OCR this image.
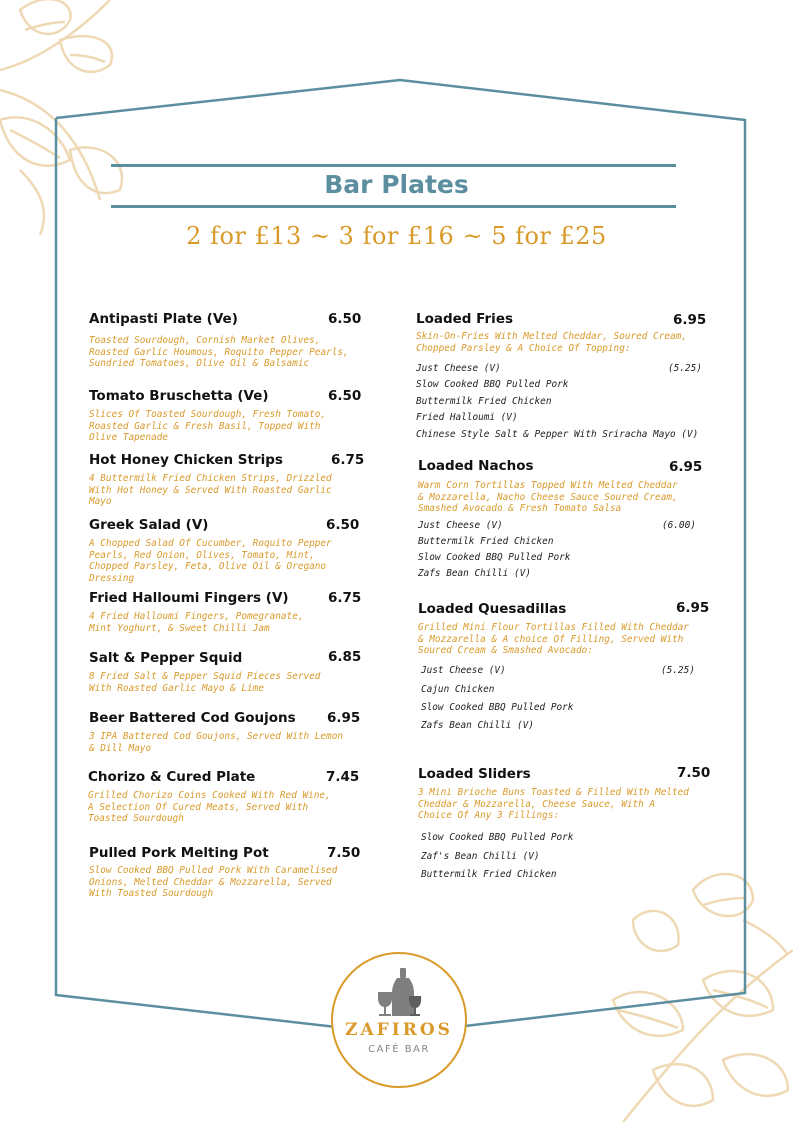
Bar Plates
2 for £13 ~ 3 for £16 ~ 5 for £25
Antipasti Plate (Ve)	6.50
Toasted Sourdough, Cornish Market Olives, Roasted Garlic Houmous, Roquito Pepper Pearls, Sundried Tomatoes, Olive Oil & Balsamic
Tomato Bruschetta (Ve)	6.50
Slices Of Toasted Sourdough, Fresh Tomato, Roasted Garlic & Fresh Basil, Topped With Olive Tapenade
Hot Honey Chicken Strips	6.75
4 Buttermilk Fried Chicken Strips, Drizzled With Hot Honey & Served With Roasted Garlic Mayo
Greek Salad (V)	6.50
A Chopped Salad Of Cucumber, Roquito Pepper Pearls, Red Onion, Olives, Tomato, Mint, Chopped Parsley, Feta, Olive Oil & Oregano Dressing
Fried Halloumi Fingers (V)	6.75
4 Fried Halloumi Fingers, Pomegranate, Mint Yoghurt, & Sweet Chilli Jam
Salt & Pepper Squid	6.85
8 Fried Salt & Pepper Squid Pieces Served With Roasted Garlic Mayo & Lime
Beer Battered Cod Goujons 6.95
3 IPA Battered Cod Goujons, Served With Lemon & Dill Mayo
Chorizo & Cured Plate	7.45
Grilled Chorizo Coins Cooked With Red Wine, A Selection Of Cured Meats, Served With Toasted Sourdough
Pulled Pork Melting Pot	7.50
Slow Cooked BBQ Pulled Pork With Caramelised Onions, Melted Cheddar & Mozzarella, Served With Toasted Sourdough
Loaded Fries	6.95
Skin-On-Fries With Melted Cheddar, Soured Cream, Chopped Parsley & A Choice Of Topping:
Just Cheese (V)	(5.25)
Slow Cooked BBQ Pulled Pork
Buttermilk Fried Chicken
Fried Halloumi (V)
Chinese Style Salt & Pepper With Sriracha Mayo (V)
Loaded Nachos	6.95
Warm Corn Tortillas Topped With Melted Cheddar & Mozzarella, Nacho Cheese Sauce Soured Cream, Smashed Avocado & Fresh Tomato Salsa
Just Cheese (V)	(6.00)
Buttermilk Fried Chicken
Slow Cooked BBQ Pulled Pork
Zafs Bean Chilli (V)
Loaded Quesadillas	6.95
Grilled Mini Flour Tortillas Filled With Cheddar & Mozzarella & A choice Of Filling, Served With Soured Cream & Smashed Avocado:
Just Cheese (V)	(5.25)
Cajun Chicken
Slow Cooked BBQ Pulled Pork
Zafs Bean Chilli (V)
Loaded Sliders	7.50
3 Mini Brioche Buns Toasted & Filled With Melted Cheddar & Mozzarella, Cheese Sauce, With A Choice Of Any 3 Fillings:
Slow Cooked BBQ Pulled Pork
Zaf's Bean Chilli (V)
Buttermilk Fried Chicken
ZAFIROS
CAFÉ BAR
